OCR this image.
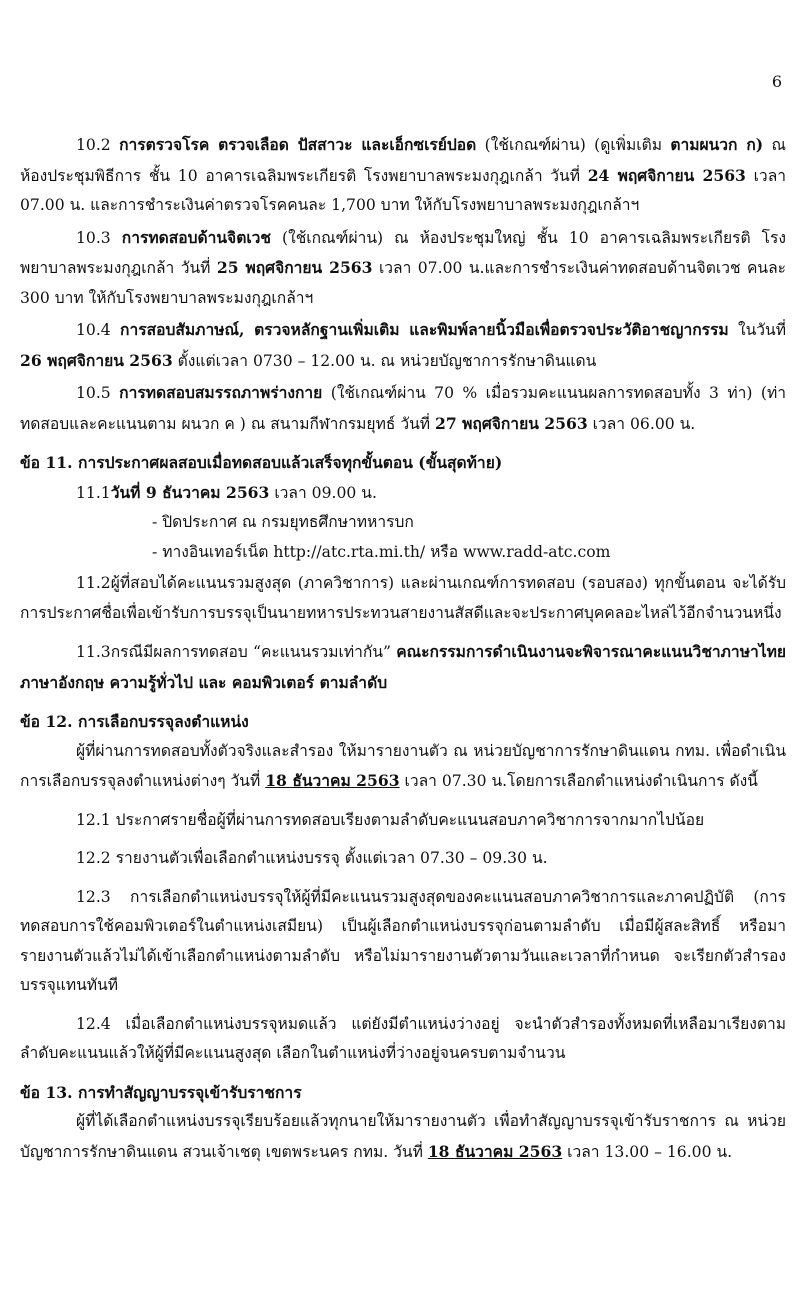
6

10.2 การตรวจโรค ตรวจเลือด ปัสสาวะ และเอ็กซเรย์ปอด (ใช้เกณฑ์ผ่าน) (ดูเพิ่มเติม ตามผนวก ก) ณ ห้องประชุมพิธีการ ชั้น 10 อาคารเฉลิมพระเกียรติ โรงพยาบาลพระมงกุฎเกล้า วันที่ 24 พฤศจิกายน 2563 เวลา 07.00 น. และการชำระเงินค่าตรวจโรคคนละ 1,700 บาท ให้กับโรงพยาบาลพระมงกุฎเกล้าฯ

10.3 การทดสอบด้านจิตเวช (ใช้เกณฑ์ผ่าน) ณ ห้องประชุมใหญ่ ชั้น 10 อาคารเฉลิมพระเกียรติ โรงพยาบาลพระมงกุฎเกล้า วันที่ 25 พฤศจิกายน 2563 เวลา 07.00 น.และการชำระเงินค่าทดสอบด้านจิตเวช คนละ 300 บาท ให้กับโรงพยาบาลพระมงกุฎเกล้าฯ

10.4 การสอบสัมภาษณ์, ตรวจหลักฐานเพิ่มเติม และพิมพ์ลายนิ้วมือเพื่อตรวจประวัติอาชญากรรม ในวันที่ 26 พฤศจิกายน 2563 ตั้งแต่เวลา 0730 – 12.00 น. ณ หน่วยบัญชาการรักษาดินแดน

10.5 การทดสอบสมรรถภาพร่างกาย (ใช้เกณฑ์ผ่าน 70 % เมื่อรวมคะแนนผลการทดสอบทั้ง 3 ท่า) (ท่าทดสอบและคะแนนตาม ผนวก ค ) ณ สนามกีฬากรมยุทธ์ วันที่ 27 พฤศจิกายน 2563 เวลา 06.00 น.

ข้อ 11. การประกาศผลสอบเมื่อทดสอบแล้วเสร็จทุกขั้นตอน (ขั้นสุดท้าย)

11.1วันที่ 9 ธันวาคม 2563 เวลา 09.00 น.

- ปิดประกาศ ณ กรมยุทธศึกษาทหารบก

- ทางอินเทอร์เน็ต http://atc.rta.mi.th/ หรือ www.radd-atc.com

11.2ผู้ที่สอบได้คะแนนรวมสูงสุด (ภาควิชาการ) และผ่านเกณฑ์การทดสอบ (รอบสอง) ทุกขั้นตอน จะได้รับการประกาศชื่อเพื่อเข้ารับการบรรจุเป็นนายทหารประทวนสายงานสัสดีและจะประกาศบุคคลอะไหล่ไว้อีกจำนวนหนึ่ง

11.3กรณีมีผลการทดสอบ “คะแนนรวมเท่ากัน” คณะกรรมการดำเนินงานจะพิจารณาคะแนนวิชาภาษาไทย ภาษาอังกฤษ ความรู้ทั่วไป และ คอมพิวเตอร์ ตามลำดับ

ข้อ 12. การเลือกบรรจุลงตำแหน่ง

ผู้ที่ผ่านการทดสอบทั้งตัวจริงและสำรอง ให้มารายงานตัว ณ หน่วยบัญชาการรักษาดินแดน กทม. เพื่อดำเนินการเลือกบรรจุลงตำแหน่งต่างๆ วันที่ 18 ธันวาคม 2563 เวลา 07.30 น.โดยการเลือกตำแหน่งดำเนินการ ดังนี้

12.1 ประกาศรายชื่อผู้ที่ผ่านการทดสอบเรียงตามลำดับคะแนนสอบภาควิชาการจากมากไปน้อย

12.2 รายงานตัวเพื่อเลือกตำแหน่งบรรจุ ตั้งแต่เวลา 07.30 – 09.30 น.

12.3 การเลือกตำแหน่งบรรจุให้ผู้ที่มีคะแนนรวมสูงสุดของคะแนนสอบภาควิชาการและภาคปฏิบัติ (การทดสอบการใช้คอมพิวเตอร์ในตำแหน่งเสมียน) เป็นผู้เลือกตำแหน่งบรรจุก่อนตามลำดับ เมื่อมีผู้สละสิทธิ์ หรือมารายงานตัวแล้วไม่ได้เข้าเลือกตำแหน่งตามลำดับ หรือไม่มารายงานตัวตามวันและเวลาที่กำหนด จะเรียกตัวสำรองบรรจุแทนทันที

12.4 เมื่อเลือกตำแหน่งบรรจุหมดแล้ว แต่ยังมีตำแหน่งว่างอยู่ จะนำตัวสำรองทั้งหมดที่เหลือมาเรียงตามลำดับคะแนนแล้วให้ผู้ที่มีคะแนนสูงสุด เลือกในตำแหน่งที่ว่างอยู่จนครบตามจำนวน

ข้อ 13. การทำสัญญาบรรจุเข้ารับราชการ

ผู้ที่ได้เลือกตำแหน่งบรรจุเรียบร้อยแล้วทุกนายให้มารายงานตัว เพื่อทำสัญญาบรรจุเข้ารับราชการ ณ หน่วยบัญชาการรักษาดินแดน สวนเจ้าเชตุ เขตพระนคร กทม. วันที่ 18 ธันวาคม 2563 เวลา 13.00 – 16.00 น.
